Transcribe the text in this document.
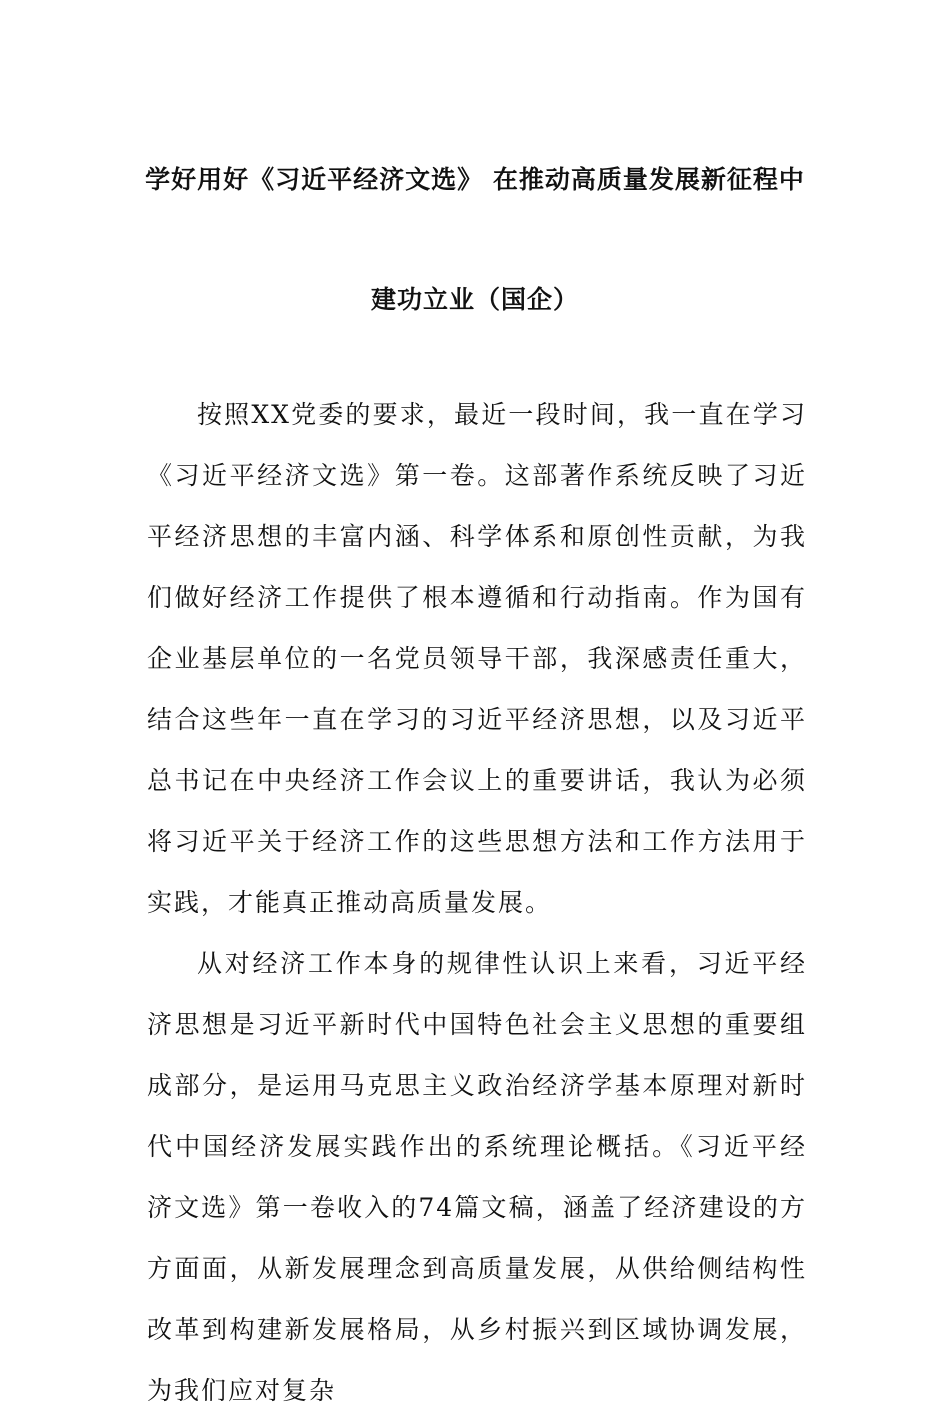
学好用好《习近平经济文选》 在推动高质量发展新征程中
建功立业（国企）

按照XX党委的要求，最近一段时间，我一直在学习《习近平经济文选》第一卷。这部著作系统反映了习近平经济思想的丰富内涵、科学体系和原创性贡献，为我们做好经济工作提供了根本遵循和行动指南。作为国有企业基层单位的一名党员领导干部，我深感责任重大，结合这些年一直在学习的习近平经济思想，以及习近平总书记在中央经济工作会议上的重要讲话，我认为必须将习近平关于经济工作的这些思想方法和工作方法用于实践，才能真正推动高质量发展。

从对经济工作本身的规律性认识上来看，习近平经济思想是习近平新时代中国特色社会主义思想的重要组成部分，是运用马克思主义政治经济学基本原理对新时代中国经济发展实践作出的系统理论概括。《习近平经济文选》第一卷收入的74篇文稿，涵盖了经济建设的方方面面，从新发展理念到高质量发展，从供给侧结构性改革到构建新发展格局，从乡村振兴到区域协调发展，为我们应对复杂
